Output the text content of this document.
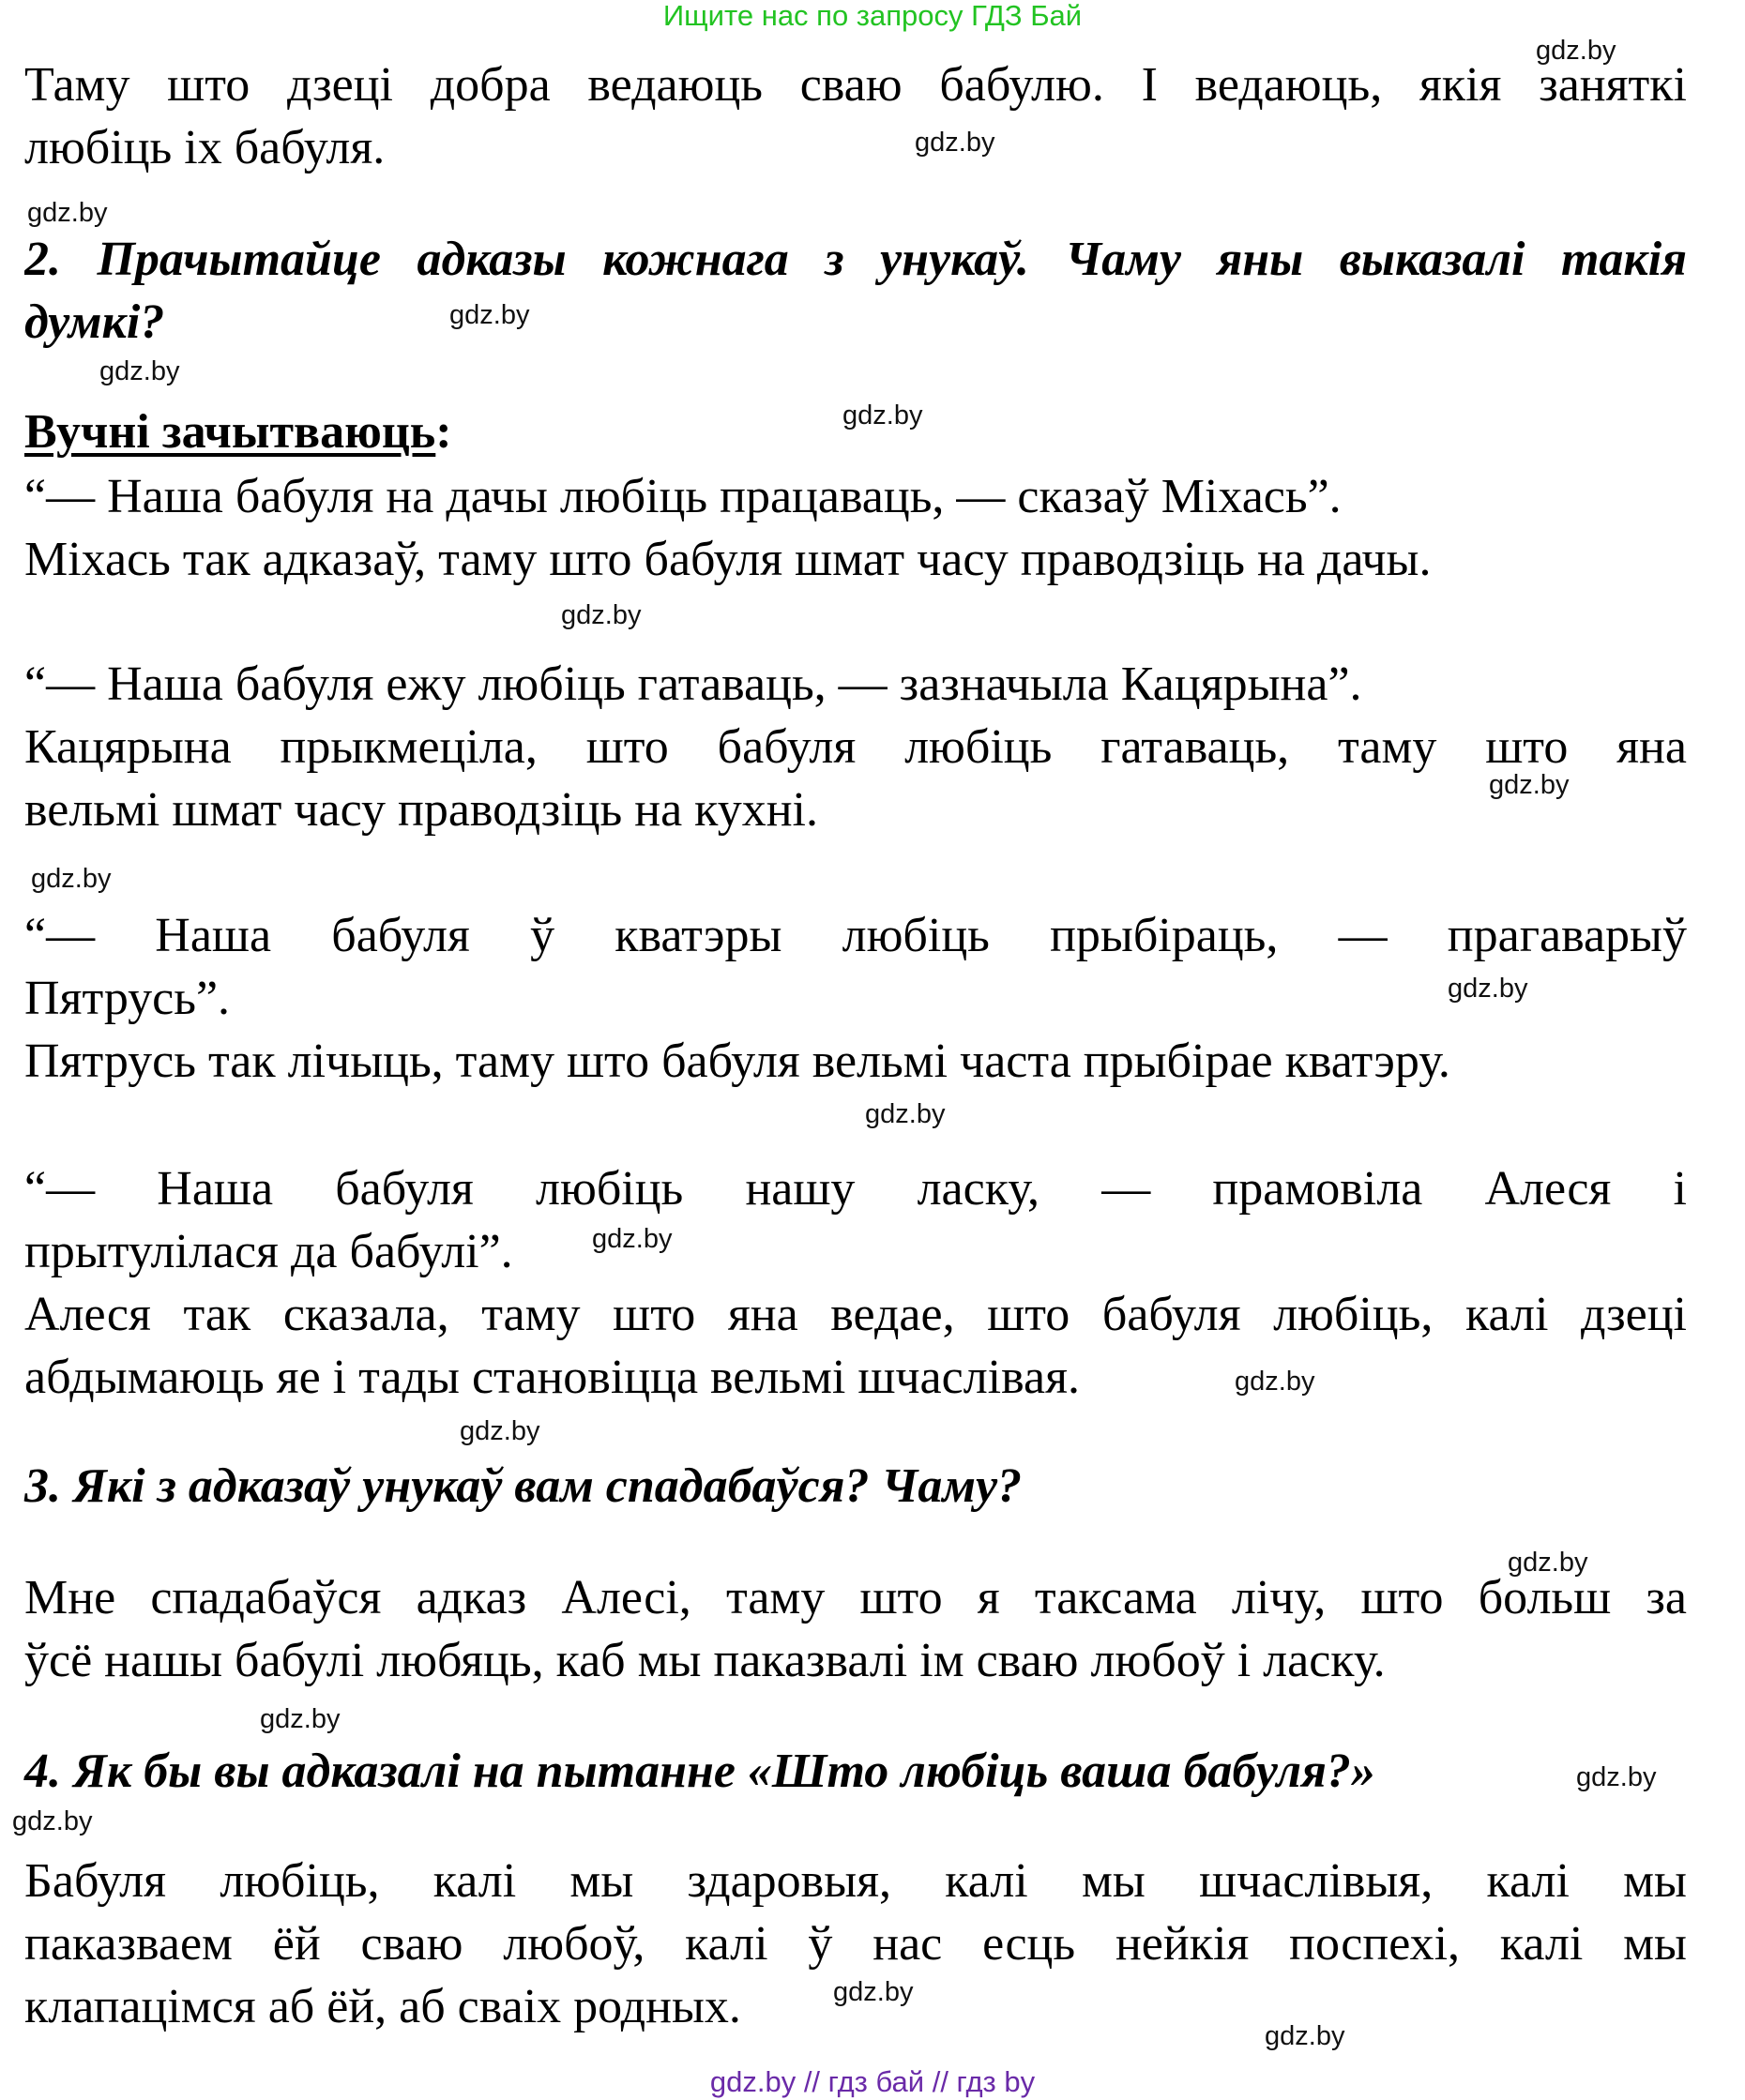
Ищите нас по запросу ГДЗ Бай
Таму што дзеці добра ведаюць сваю бабулю. І ведаюць, якія заняткі
любіць іх бабуля.
2. Прачытайце адказы кожнага з унукаў. Чаму яны выказалі такія
думкі?
“— Наша бабуля на дачы любіць працаваць, — сказаў Міхась”.
Міхась так адказаў, таму што бабуля шмат часу праводзіць на дачы.
“— Наша бабуля ежу любіць гатаваць, — зазначыла Кацярына”.
Кацярына прыкмеціла, што бабуля любіць гатаваць, таму што яна
вельмі шмат часу праводзіць на кухні.
“— Наша бабуля ў кватэры любіць прыбіраць, — прагаварыў
Пятрусь”.
Пятрусь так лічыць, таму што бабуля вельмі часта прыбірае кватэру.
“— Наша бабуля любіць нашу ласку, — прамовіла Алеся і
прытулілася да бабулі”.
Алеся так сказала, таму што яна ведае, што бабуля любіць, калі дзеці
абдымаюць яе і тады становіцца вельмі шчаслівая.
3. Які з адказаў унукаў вам спадабаўся? Чаму?
Мне спадабаўся адказ Алесі, таму што я таксама лічу, што больш за
ўсё нашы бабулі любяць, каб мы паказвалі ім сваю любоў і ласку.
4. Як бы вы адказалі на пытанне «Што любіць ваша бабуля?»
Бабуля любіць, калі мы здаровыя, калі мы шчаслівыя, калі мы
паказваем ёй сваю любоў, калі ў нас есць нейкія поспехі, калі мы
клапацімся аб ёй, аб сваіх родных.
Вучні зачытваюць:
gdz.by // гдз бай // гдз by
gdz.by
gdz.by
gdz.by
gdz.by
gdz.by
gdz.by
gdz.by
gdz.by
gdz.by
gdz.by
gdz.by
gdz.by
gdz.by
gdz.by
gdz.by
gdz.by
gdz.by
gdz.by
gdz.by
gdz.by
